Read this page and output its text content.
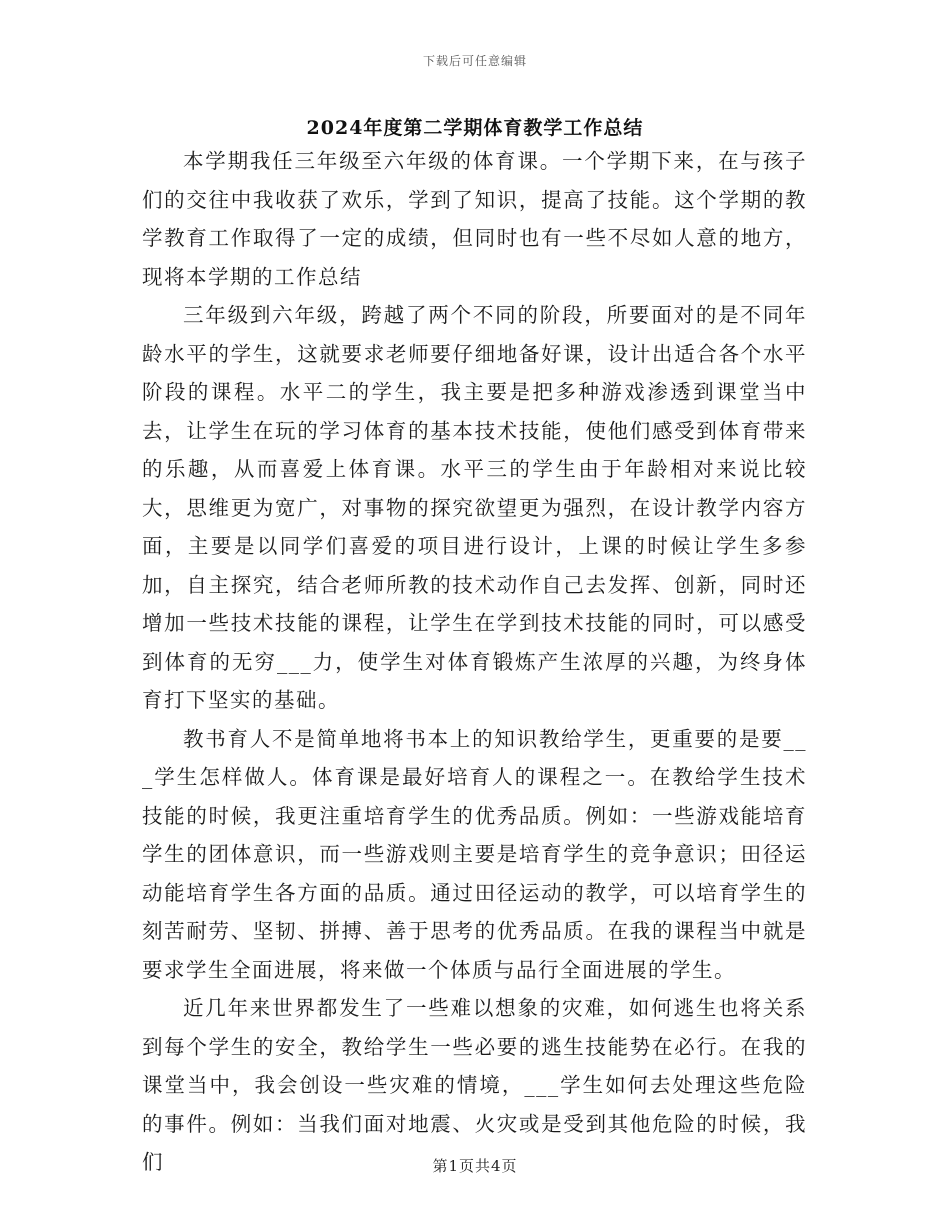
下载后可任意编辑
2024年度第二学期体育教学工作总结

本学期我任三年级至六年级的体育课。一个学期下来，在与孩子们的交往中我收获了欢乐，学到了知识，提高了技能。这个学期的教学教育工作取得了一定的成绩，但同时也有一些不尽如人意的地方，现将本学期的工作总结

三年级到六年级，跨越了两个不同的阶段，所要面对的是不同年龄水平的学生，这就要求老师要仔细地备好课，设计出适合各个水平阶段的课程。水平二的学生，我主要是把多种游戏渗透到课堂当中去，让学生在玩的学习体育的基本技术技能，使他们感受到体育带来的乐趣，从而喜爱上体育课。水平三的学生由于年龄相对来说比较大，思维更为宽广，对事物的探究欲望更为强烈，在设计教学内容方面，主要是以同学们喜爱的项目进行设计，上课的时候让学生多参加，自主探究，结合老师所教的技术动作自己去发挥、创新，同时还增加一些技术技能的课程，让学生在学到技术技能的同时，可以感受到体育的无穷___力，使学生对体育锻炼产生浓厚的兴趣，为终身体育打下坚实的基础。

教书育人不是简单地将书本上的知识教给学生，更重要的是要___学生怎样做人。体育课是最好培育人的课程之一。在教给学生技术技能的时候，我更注重培育学生的优秀品质。例如：一些游戏能培育学生的团体意识，而一些游戏则主要是培育学生的竞争意识；田径运动能培育学生各方面的品质。通过田径运动的教学，可以培育学生的刻苦耐劳、坚韧、拼搏、善于思考的优秀品质。在我的课程当中就是要求学生全面进展，将来做一个体质与品行全面进展的学生。

近几年来世界都发生了一些难以想象的灾难，如何逃生也将关系到每个学生的安全，教给学生一些必要的逃生技能势在必行。在我的课堂当中，我会创设一些灾难的情境，___学生如何去处理这些危险的事件。例如：当我们面对地震、火灾或是受到其他危险的时候，我们	第1页共4页
